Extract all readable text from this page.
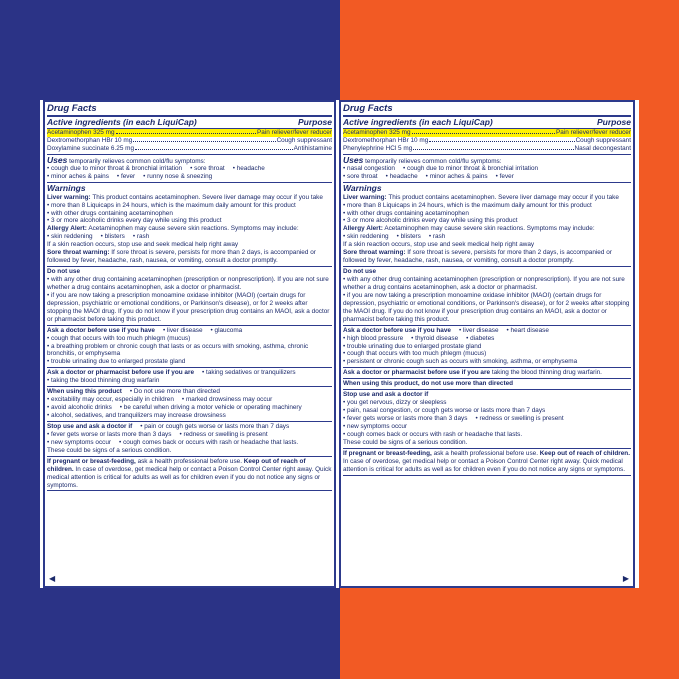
Drug Facts
Active ingredients (in each LiquiCap)	Purpose
Acetaminophen 325 mg	Pain reliever/fever reducer
Dextromethorphan HBr 10 mg	Cough suppressant
Doxylamine succinate 6.25 mg	Antihistamine
Uses temporarily relieves common cold/flu symptoms:
• cough due to minor throat & bronchial irritation	• sore throat	• headache
• minor aches & pains	• fever	• runny nose & sneezing
Warnings
Liver warning: This product contains acetaminophen. Severe liver damage may occur if you take
• more than 8 Liquicaps in 24 hours, which is the maximum daily amount for this product
• with other drugs containing acetaminophen
• 3 or more alcoholic drinks every day while using this product
Allergy Alert: Acetaminophen may cause severe skin reactions. Symptoms may include:
• skin reddening	• blisters	• rash
If a skin reaction occurs, stop use and seek medical help right away
Sore throat warning: If sore throat is severe, persists for more than 2 days, is accompanied or followed by fever, headache, rash, nausea, or vomiting, consult a doctor promptly.
Do not use
• with any other drug containing acetaminophen (prescription or nonprescription). If you are not sure whether a drug contains acetaminophen, ask a doctor or pharmacist.
• if you are now taking a prescription monoamine oxidase inhibitor (MAOI) (certain drugs for depression, psychiatric or emotional conditions, or Parkinson's disease), or for 2 weeks after stopping the MAOI drug. If you do not know if your prescription drug contains an MAOI, ask a doctor or pharmacist before taking this product.
Ask a doctor before use if you have	• liver disease	• glaucoma
• cough that occurs with too much phlegm (mucus)
• a breathing problem or chronic cough that lasts or as occurs with smoking, asthma, chronic bronchitis, or emphysema
• trouble urinating due to enlarged prostate gland
Ask a doctor or pharmacist before use if you are	• taking sedatives or tranquilizers
• taking the blood thinning drug warfarin
When using this product	• Do not use more than directed
• excitability may occur, especially in children	• marked drowsiness may occur
• avoid alcoholic drinks	• be careful when driving a motor vehicle or operating machinery
• alcohol, sedatives, and tranquilizers may increase drowsiness
Stop use and ask a doctor if	• pain or cough gets worse or lasts more than 7 days
• fever gets worse or lasts more than 3 days	• redness or swelling is present
• new symptoms occur	• cough comes back or occurs with rash or headache that lasts.
These could be signs of a serious condition.
If pregnant or breast-feeding, ask a health professional before use. Keep out of reach of children. In case of overdose, get medical help or contact a Poison Control Center right away. Quick medical attention is critical for adults as well as for children even if you do not notice any signs or symptoms.
◀
Drug Facts
Active ingredients (in each LiquiCap)	Purpose
Acetaminophen 325 mg	Pain reliever/fever reducer
Dextromethorphan HBr 10 mg	Cough suppressant
Phenylephrine HCl 5 mg	Nasal decongestant
Uses temporarily relieves common cold/flu symptoms:
• nasal congestion	• cough due to minor throat & bronchial irritation
• sore throat	• headache	• minor aches & pains	• fever
Warnings
Liver warning: This product contains acetaminophen. Severe liver damage may occur if you take
• more than 8 Liquicaps in 24 hours, which is the maximum daily amount for this product
• with other drugs containing acetaminophen
• 3 or more alcoholic drinks every day while using this product
Allergy Alert: Acetaminophen may cause severe skin reactions. Symptoms may include:
• skin reddening	• blisters	• rash
If a skin reaction occurs, stop use and seek medical help right away
Sore throat warning: If sore throat is severe, persists for more than 2 days, is accompanied or followed by fever, headache, rash, nausea, or vomiting, consult a doctor promptly.
Do not use
• with any other drug containing acetaminophen (prescription or nonprescription). If you are not sure whether a drug contains acetaminophen, ask a doctor or pharmacist.
• if you are now taking a prescription monoamine oxidase inhibitor (MAOI) (certain drugs for depression, psychiatric or emotional conditions, or Parkinson's disease), or for 2 weeks after stopping the MAOI drug. If you do not know if your prescription drug contains an MAOI, ask a doctor or pharmacist before taking this product.
Ask a doctor before use if you have	• liver disease	• heart disease
• high blood pressure	• thyroid disease	• diabetes
• trouble urinating due to enlarged prostate gland
• cough that occurs with too much phlegm (mucus)
• persistent or chronic cough such as occurs with smoking, asthma, or emphysema
Ask a doctor or pharmacist before use if you are taking the blood thinning drug warfarin.
When using this product, do not use more than directed
Stop use and ask a doctor if
• you get nervous, dizzy or sleepless
• pain, nasal congestion, or cough gets worse or lasts more than 7 days
• fever gets worse or lasts more than 3 days	• redness or swelling is present
• new symptoms occur
• cough comes back or occurs with rash or headache that lasts.
These could be signs of a serious condition.
If pregnant or breast-feeding, ask a health professional before use. Keep out of reach of children. In case of overdose, get medical help or contact a Poison Control Center right away. Quick medical attention is critical for adults as well as for children even if you do not notice any signs or symptoms.
▶
